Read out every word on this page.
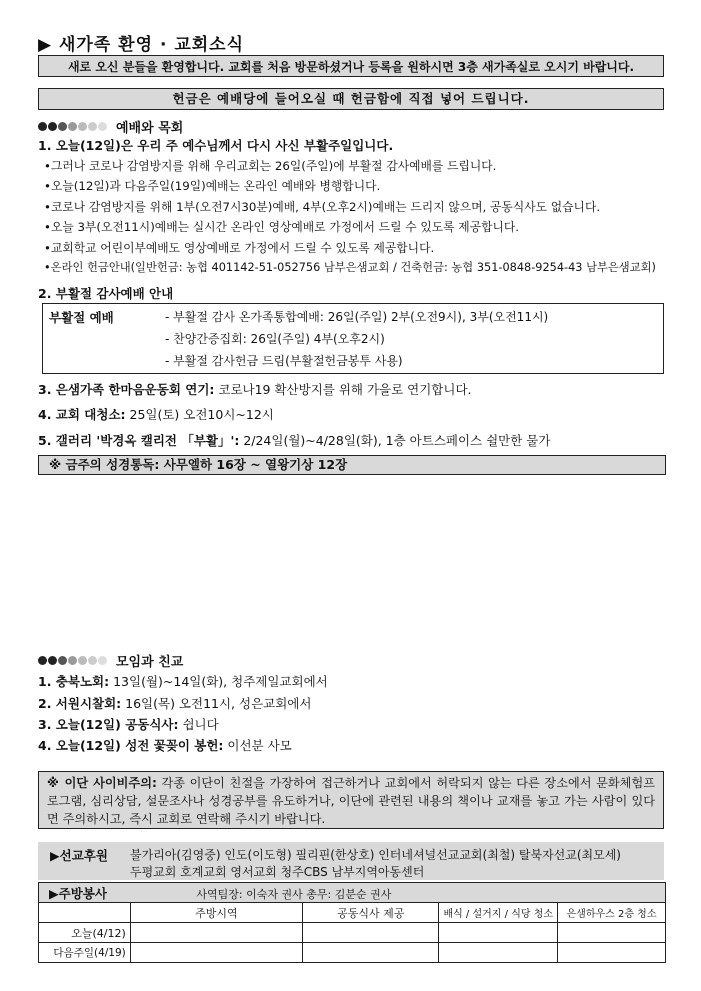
▶ 새가족 환영 · 교회소식
새로 오신 분들을 환영합니다. 교회를 처음 방문하셨거나 등록을 원하시면 3층 새가족실로 오시기 바랍니다.
헌금은 예배당에 들어오실 때 헌금함에 직접 넣어 드립니다.
예배와 목회
1. 오늘(12일)은 우리 주 예수님께서 다시 사신 부활주일입니다.
•그러나 코로나 감염방지를 위해 우리교회는 26일(주일)에 부활절 감사예배를 드립니다.
•오늘(12일)과 다음주일(19일)예배는 온라인 예배와 병행합니다.
•코로나 감염방지를 위해 1부(오전7시30분)예배, 4부(오후2시)예배는 드리지 않으며, 공동식사도 없습니다.
•오늘 3부(오전11시)예배는 실시간 온라인 영상예배로 가정에서 드릴 수 있도록 제공합니다.
•교회학교 어린이부예배도 영상예배로 가정에서 드릴 수 있도록 제공합니다.
•온라인 헌금안내(일반헌금: 농협 401142-51-052756 남부은샘교회 / 건축헌금: 농협 351-0848-9254-43 남부은샘교회)
2. 부활절 감사예배 안내
부활절 예배	- 부활절 감사 온가족통합예배: 26일(주일) 2부(오전9시), 3부(오전11시)
- 찬양간증집회: 26일(주일) 4부(오후2시)
- 부활절 감사헌금 드림(부활절헌금봉투 사용)
3. 은샘가족 한마음운동회 연기: 코로나19 확산방지를 위해 가을로 연기합니다.
4. 교회 대청소: 25일(토) 오전10시~12시
5. 갤러리 '박경옥 캘리전 「부활」': 2/24일(월)~4/28일(화), 1층 아트스페이스 쉴만한 물가
※ 금주의 성경통독: 사무엘하 16장 ~ 열왕기상 12장
모임과 친교
1. 충북노회: 13일(월)~14일(화), 청주제일교회에서
2. 서원시찰회: 16일(목) 오전11시, 성은교회에서
3. 오늘(12일) 공동식사: 쉽니다
4. 오늘(12일) 성전 꽃꽂이 봉헌: 이선분 사모
※ 이단 사이비주의: 각종 이단이 친절을 가장하여 접근하거나 교회에서 허락되지 않는 다른 장소에서 문화체험프로그램, 심리상담, 설문조사나 성경공부를 유도하거나, 이단에 관련된 내용의 책이나 교재를 놓고 가는 사람이 있다면 주의하시고, 즉시 교회로 연락해 주시기 바랍니다.
▶선교후원 불가리아(김영중) 인도(이도형) 필리핀(한상호) 인터네셔널선교교회(최철) 탈북자선교(최모세)
두평교회 호계교회 영서교회 청주CBS 남부지역아동센터
▶주방봉사 사역팀장: 이숙자 권사 총무: 김분순 권사				
	주방시역	공동식사 제공	배식 / 설거지 / 식당 청소	은샘하우스 2층 청소
오늘(4/12)				
다음주일(4/19)				
